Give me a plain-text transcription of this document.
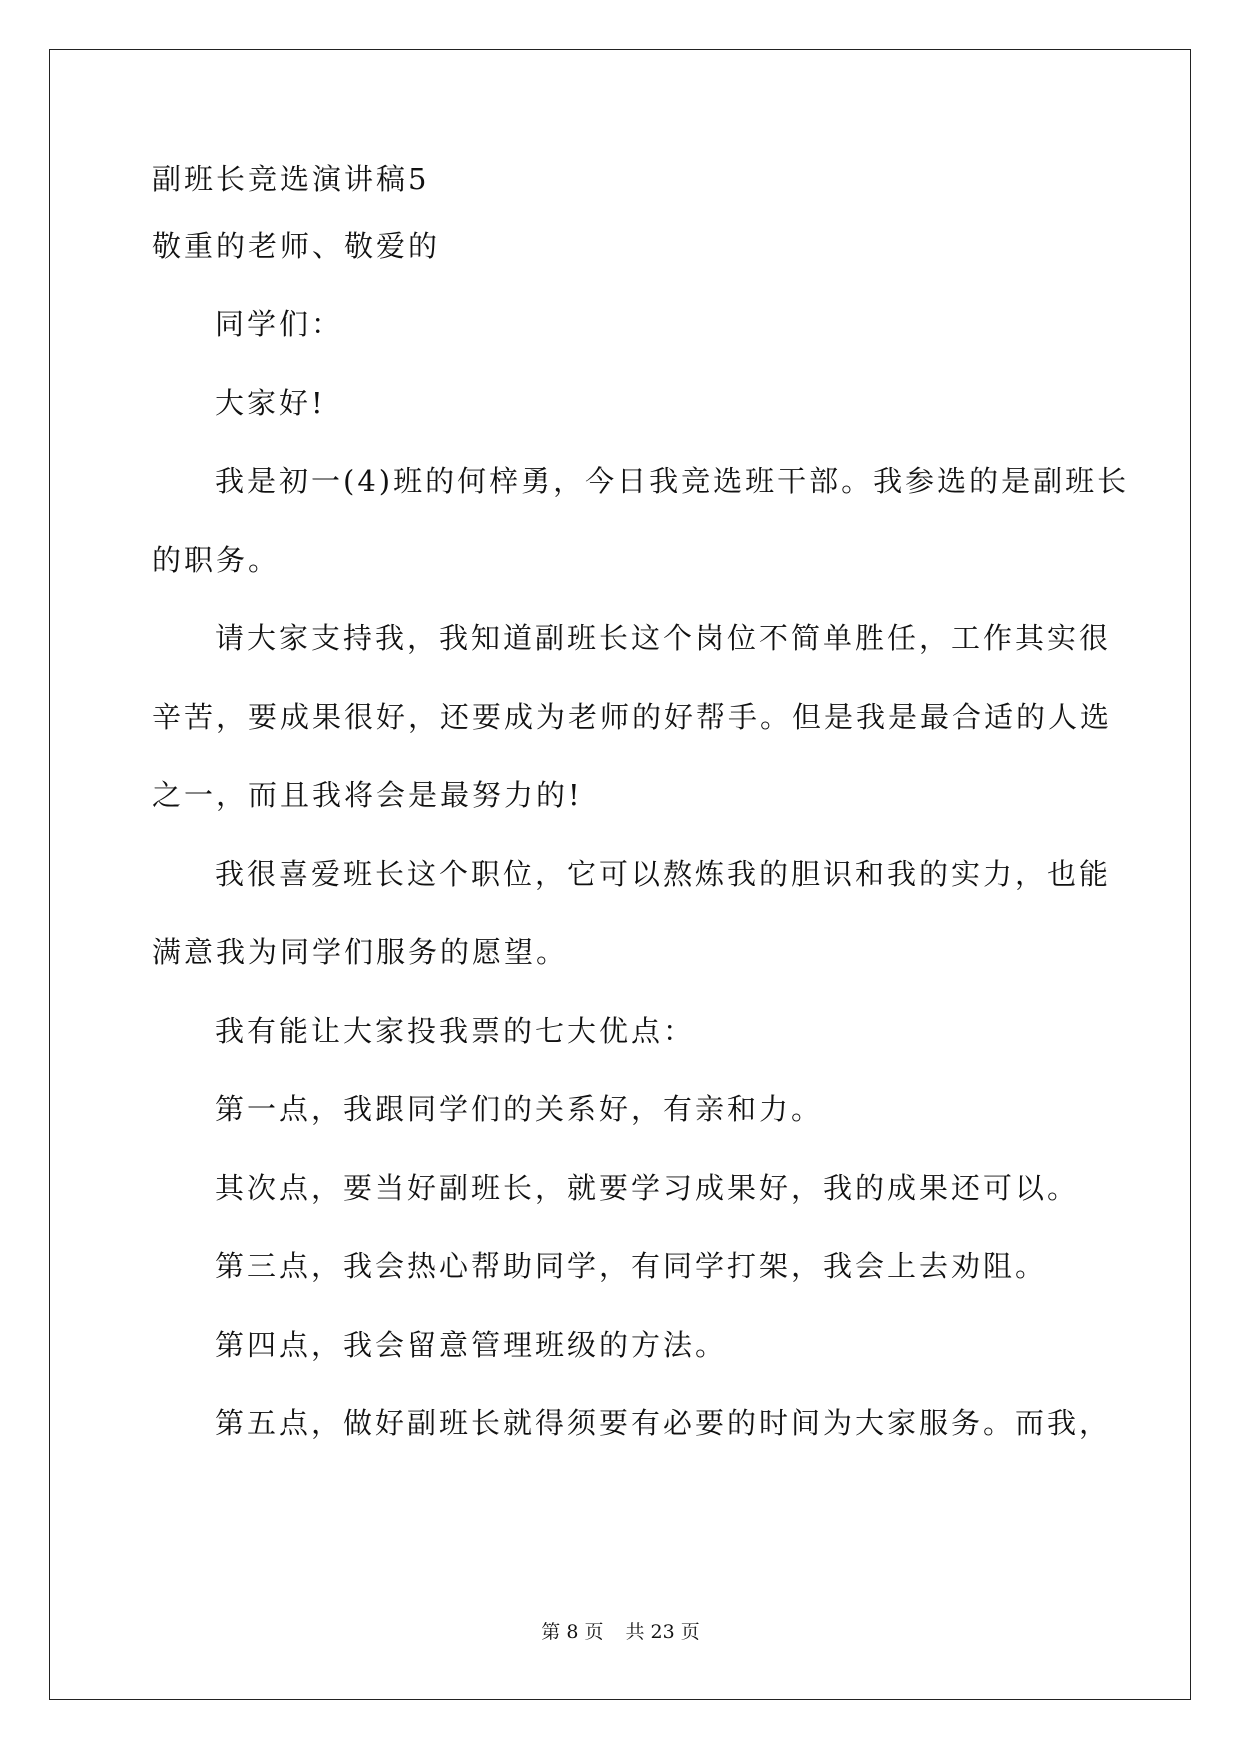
副班长竞选演讲稿5
敬重的老师、敬爱的
同学们：
大家好!
我是初一(4)班的何梓勇，今日我竞选班干部。我参选的是副班长
的职务。
请大家支持我，我知道副班长这个岗位不简单胜任，工作其实很
辛苦，要成果很好，还要成为老师的好帮手。但是我是最合适的人选
之一，而且我将会是最努力的!
我很喜爱班长这个职位，它可以熬炼我的胆识和我的实力，也能
满意我为同学们服务的愿望。
我有能让大家投我票的七大优点：
第一点，我跟同学们的关系好，有亲和力。
其次点，要当好副班长，就要学习成果好，我的成果还可以。
第三点，我会热心帮助同学，有同学打架，我会上去劝阻。
第四点，我会留意管理班级的方法。
第五点，做好副班长就得须要有必要的时间为大家服务。而我，
第 8 页 共 23 页
